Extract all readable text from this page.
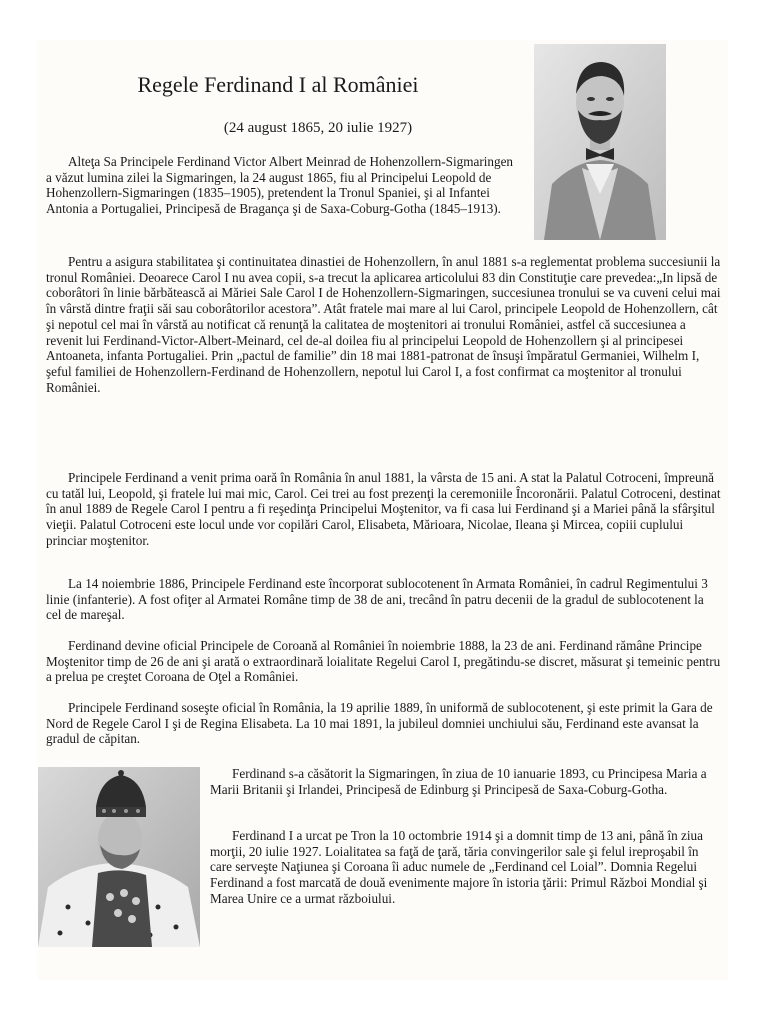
Regele Ferdinand I al României
(24 august 1865, 20 iulie 1927)

Alteţa Sa Principele Ferdinand Victor Albert Meinrad de Hohenzollern-Sigmaringen a văzut lumina zilei la Sigmaringen, la 24 august 1865, fiu al Principelui Leopold de Hohenzollern-Sigmaringen (1835–1905), pretendent la Tronul Spaniei, şi al Infantei Antonia a Portugaliei, Principesă de Bragança şi de Saxa-Coburg-Gotha (1845–1913).

Pentru a asigura stabilitatea şi continuitatea dinastiei de Hohenzollern, în anul 1881 s-a reglementat problema succesiunii la tronul României. Deoarece Carol I nu avea copii, s-a trecut la aplicarea articolului 83 din Constituţie care prevedea:„In lipsă de coborâtori în linie bărbătească ai Măriei Sale Carol I de Hohenzollern-Sigmaringen, succesiunea tronului se va cuveni celui mai în vârstă dintre fraţii săi sau coborâtorilor acestora”. Atât fratele mai mare al lui Carol, principele Leopold de Hohenzollern, cât şi nepotul cel mai în vârstă au notificat că renunţă la calitatea de moştenitori ai tronului României, astfel că succesiunea a revenit lui Ferdinand-Victor-Albert-Meinard, cel de-al doilea fiu al principelui Leopold de Hohenzollern şi al principesei Antoaneta, infanta Portugaliei. Prin „pactul de familie” din 18 mai 1881-patronat de însuşi împăratul Germaniei, Wilhelm I, şeful familiei de Hohenzollern-Ferdinand de Hohenzollern, nepotul lui Carol I, a fost confirmat ca moştenitor al tronului României.

Principele Ferdinand a venit prima oară în România în anul 1881, la vârsta de 15 ani. A stat la Palatul Cotroceni, împreună cu tatăl lui, Leopold, şi fratele lui mai mic, Carol. Cei trei au fost prezenţi la ceremoniile Încoronării. Palatul Cotroceni, destinat în anul 1889 de Regele Carol I pentru a fi reşedinţa Principelui Moştenitor, va fi casa lui Ferdinand şi a Mariei până la sfârşitul vieţii. Palatul Cotroceni este locul unde vor copilări Carol, Elisabeta, Mărioara, Nicolae, Ileana şi Mircea, copiii cuplului princiar moştenitor.

La 14 noiembrie 1886, Principele Ferdinand este încorporat sublocotenent în Armata României, în cadrul Regimentului 3 linie (infanterie). A fost ofiţer al Armatei Române timp de 38 de ani, trecând în patru decenii de la gradul de sublocotenent la cel de mareşal.

Ferdinand devine oficial Principele de Coroană al României în noiembrie 1888, la 23 de ani. Ferdinand rămâne Principe Moştenitor timp de 26 de ani şi arată o extraordinară loialitate Regelui Carol I, pregătindu-se discret, măsurat şi temeinic pentru a prelua pe creştet Coroana de Oţel a României.

Principele Ferdinand soseşte oficial în România, la 19 aprilie 1889, în uniformă de sublocotenent, şi este primit la Gara de Nord de Regele Carol I şi de Regina Elisabeta. La 10 mai 1891, la jubileul domniei unchiului său, Ferdinand este avansat la gradul de căpitan.

Ferdinand s-a căsătorit la Sigmaringen, în ziua de 10 ianuarie 1893, cu Principesa Maria a Marii Britanii şi Irlandei, Principesă de Edinburg şi Principesă de Saxa-Coburg-Gotha.

Ferdinand I a urcat pe Tron la 10 octombrie 1914 şi a domnit timp de 13 ani, până în ziua morţii, 20 iulie 1927. Loialitatea sa faţă de ţară, tăria convingerilor sale şi felul ireproşabil în care serveşte Naţiunea şi Coroana îi aduc numele de „Ferdinand cel Loial”. Domnia Regelui Ferdinand a fost marcată de două evenimente majore în istoria ţării: Primul Război Mondial şi Marea Unire ce a urmat războiului.
